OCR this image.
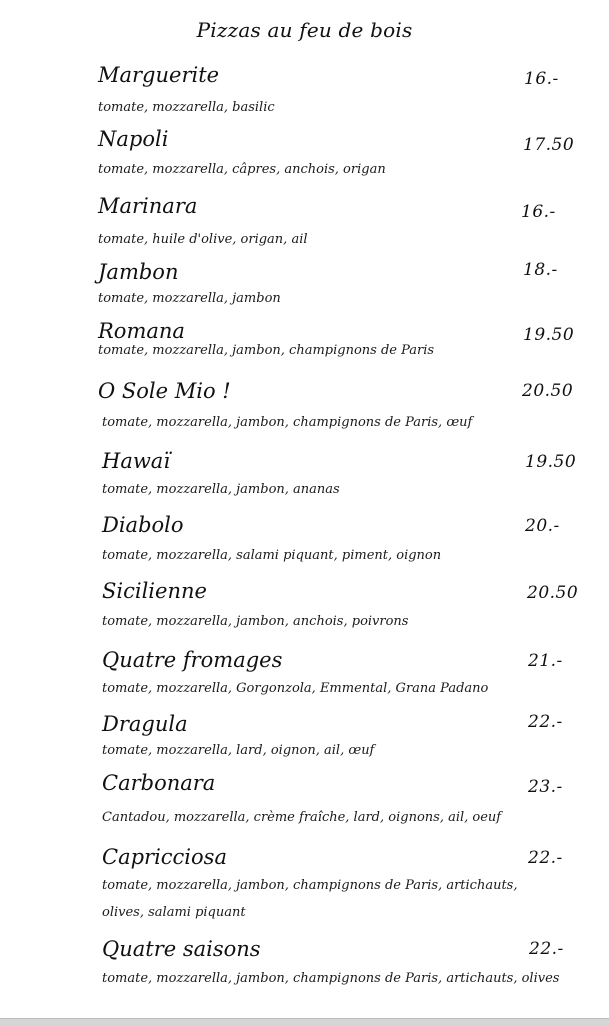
Pizzas au feu de bois
Marguerite	16.-
tomate, mozzarella, basilic
Napoli	17.50
tomate, mozzarella, câpres, anchois, origan
Marinara	16.-
tomate, huile d'olive, origan, ail
Jambon	18.-
tomate, mozzarella, jambon
Romana	19.50
tomate, mozzarella, jambon, champignons de Paris
O Sole Mio !	20.50
tomate, mozzarella, jambon, champignons de Paris, œuf
Hawaï	19.50
tomate, mozzarella, jambon, ananas
Diabolo	20.-
tomate, mozzarella, salami piquant, piment, oignon
Sicilienne	20.50
tomate, mozzarella, jambon, anchois, poivrons
Quatre fromages	21.-
tomate, mozzarella, Gorgonzola, Emmental, Grana Padano
Dragula	22.-
tomate, mozzarella, lard, oignon, ail, œuf
Carbonara	23.-
Cantadou, mozzarella, crème fraîche, lard, oignons, ail, oeuf
Capricciosa	22.-
tomate, mozzarella, jambon, champignons de Paris, artichauts,
olives, salami piquant
Quatre saisons	22.-
tomate, mozzarella, jambon, champignons de Paris, artichauts, olives
